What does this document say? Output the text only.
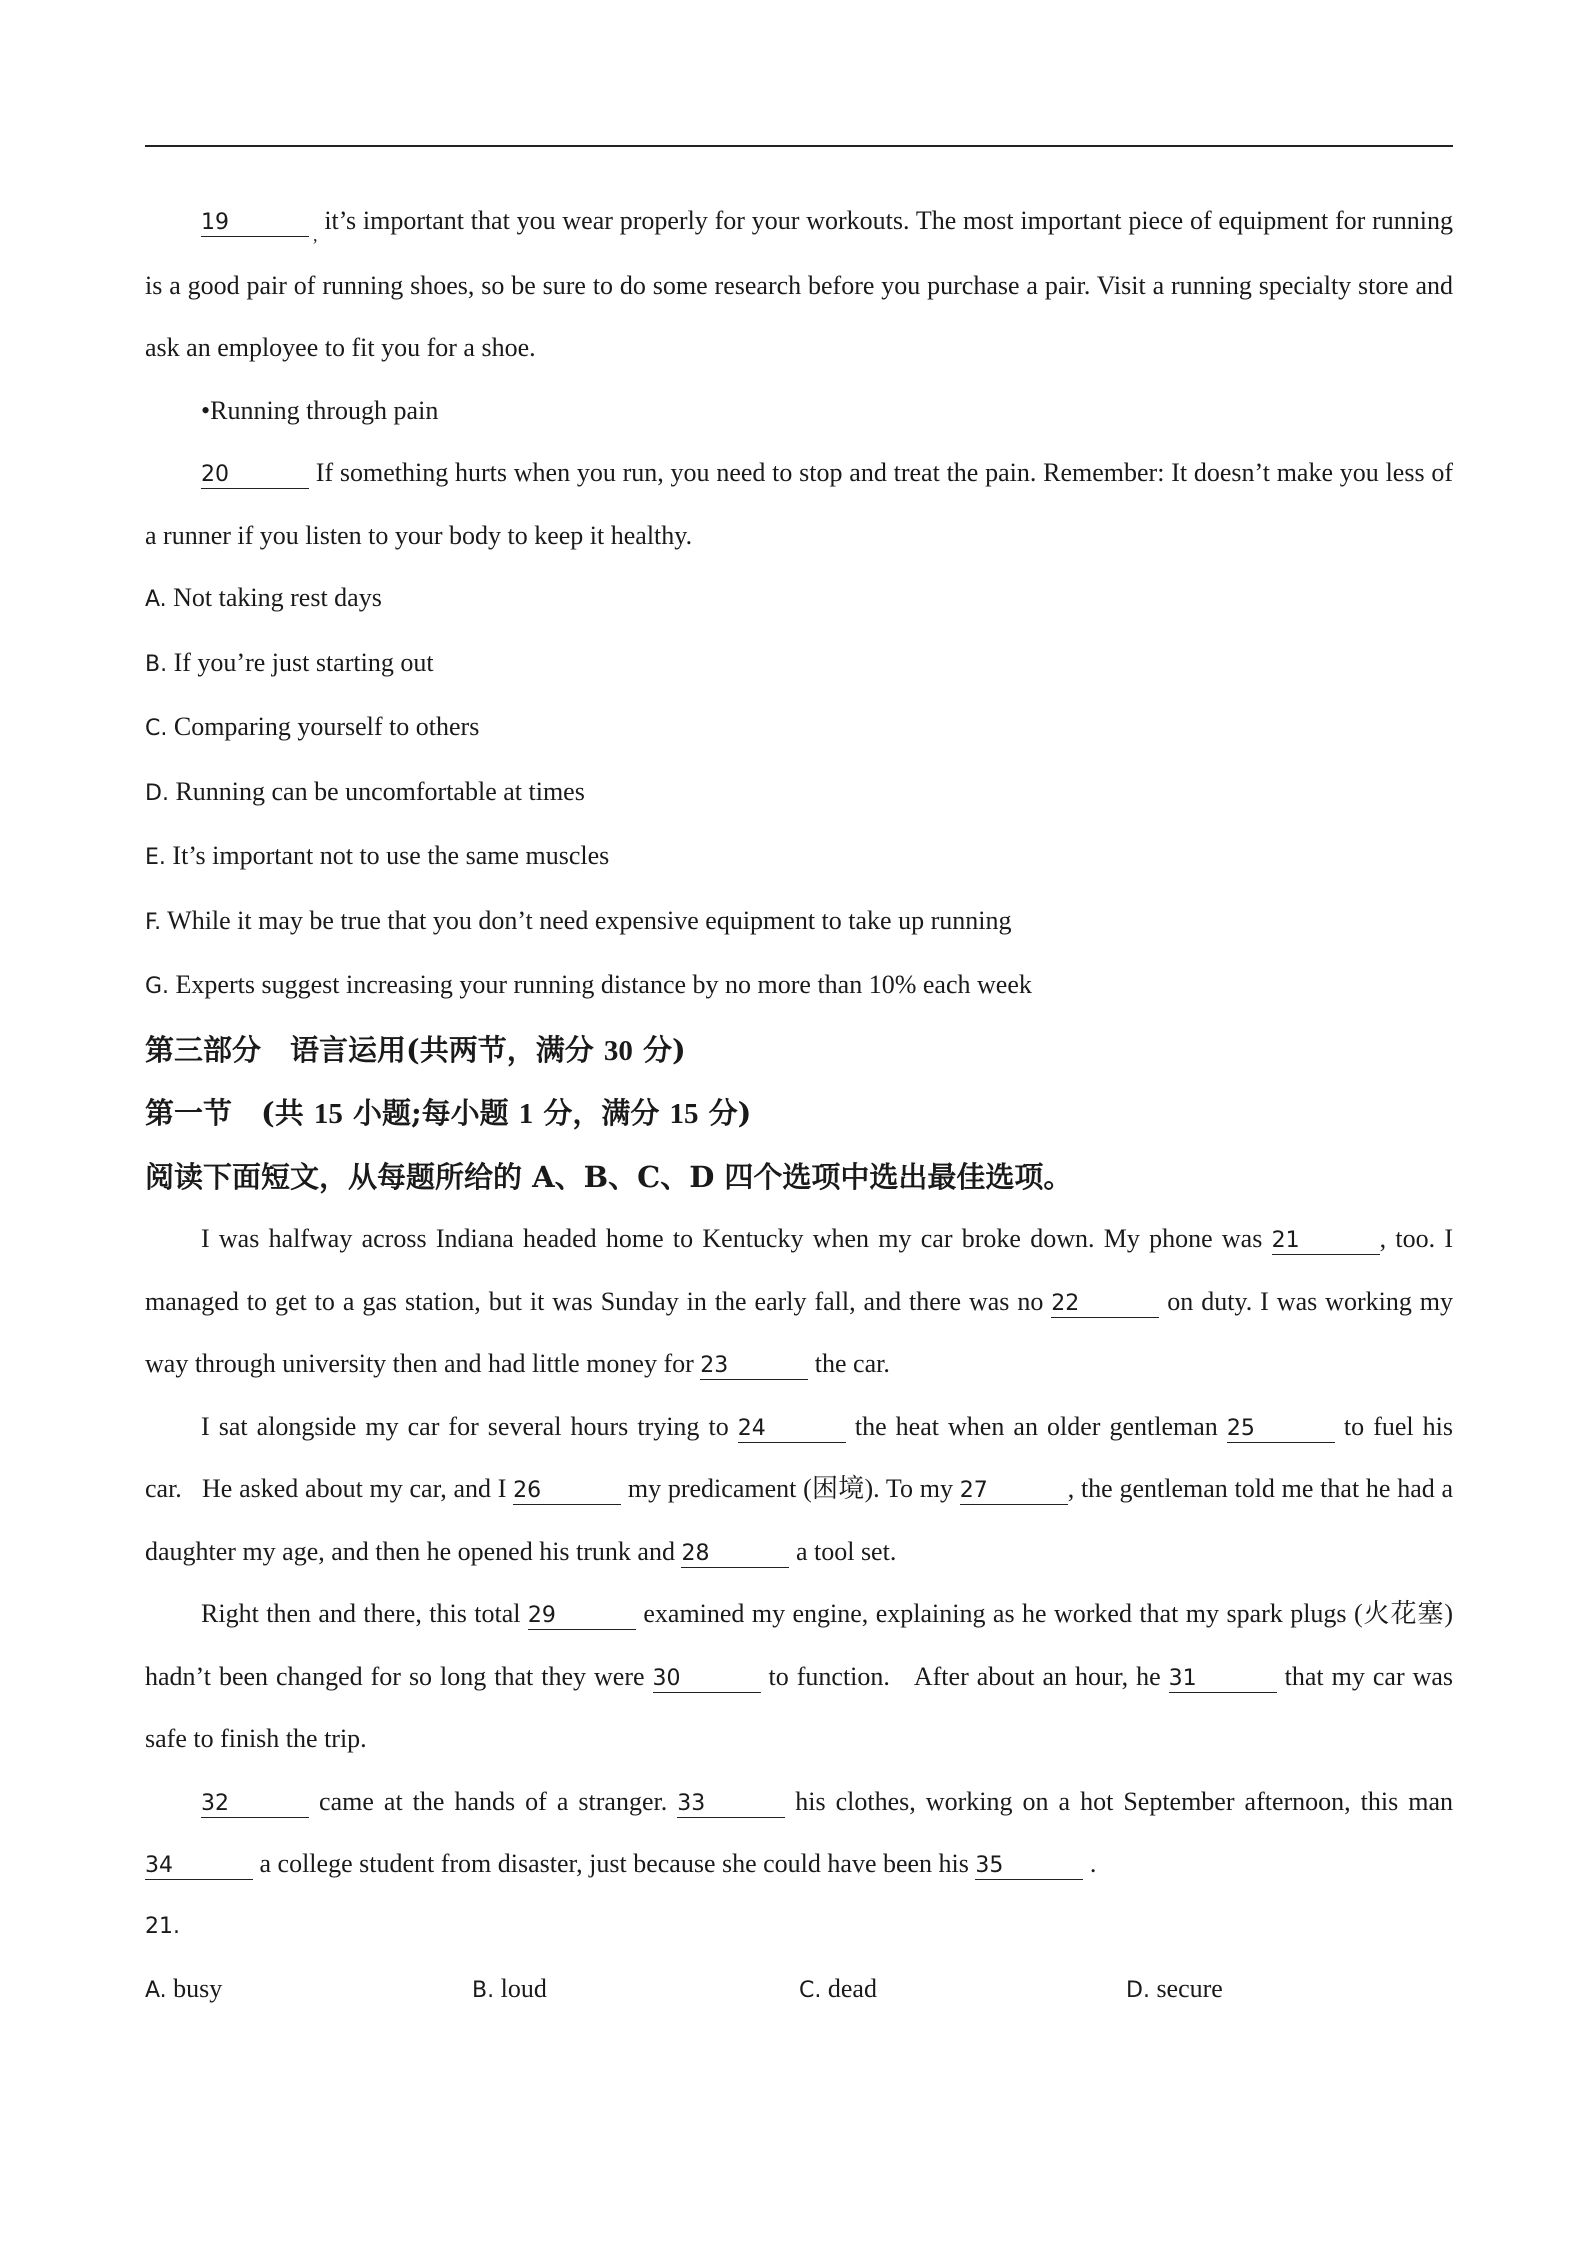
19	$_,$ it’s important that you wear properly for your workouts. The most important piece of equipment for running is a good pair of running shoes, so be sure to do some research before you purchase a pair. Visit a running specialty store and ask an employee to fit you for a shoe.

•Running through pain

20	If something hurts when you run, you need to stop and treat the pain. Remember: It doesn’t make you less of a runner if you listen to your body to keep it healthy.

A. Not taking rest days

B. If you’re just starting out

C. Comparing yourself to others

D. Running can be uncomfortable at times

E. It’s important not to use the same muscles

F. While it may be true that you don’t need expensive equipment to take up running

G. Experts suggest increasing your running distance by no more than 10% each week

第三部分　语言运用(共两节，满分 30 分)

第一节　(共 15 小题;每小题 1 分，满分 15 分)

阅读下面短文，从每题所给的 A、B、C、D 四个选项中选出最佳选项。

I was halfway across Indiana headed home to Kentucky when my car broke down. My phone was 21	, too. I managed to get to a gas station, but it was Sunday in the early fall, and there was no 22	on duty. I was working my way through university then and had little money for 23	the car.

I sat alongside my car for several hours trying to 24	the heat when an older gentleman 25	to fuel his car.   He asked about my car, and I 26	my predicament (困境). To my 27	, the gentleman told me that he had a daughter my age, and then he opened his trunk and 28	a tool set.

Right then and there, this total 29	examined my engine, explaining as he worked that my spark plugs (火花塞) hadn’t been changed for so long that they were 30	to function.   After about an hour, he 31	that my car was safe to finish the trip.

32	came at the hands of a stranger. 33	his clothes, working on a hot September afternoon, this man 34	a college student from disaster, just because she could have been his 35	.

21.

A. busy	B. loud	C. dead	D. secure
